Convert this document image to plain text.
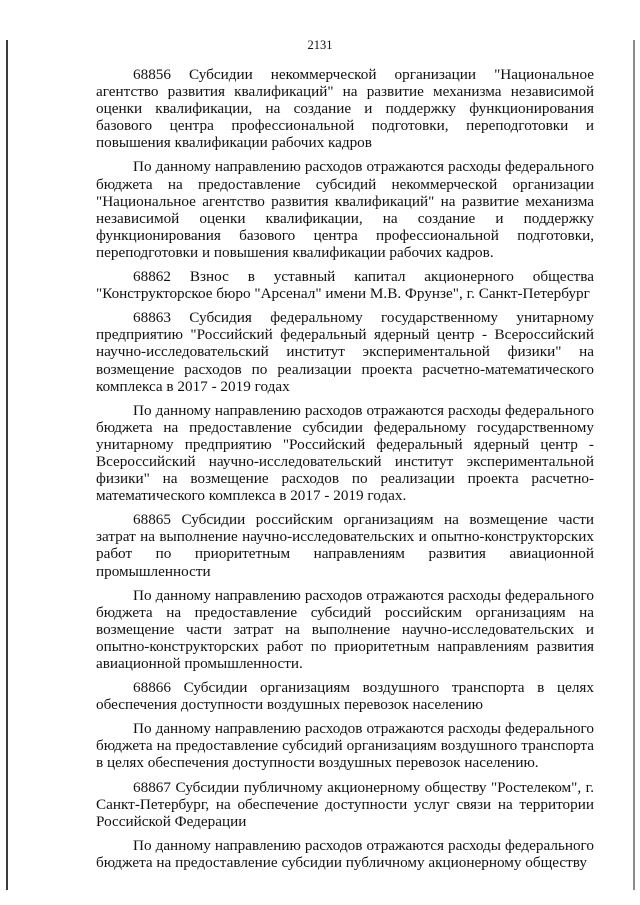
2131

68856 Субсидии некоммерческой организации "Национальное агентство развития квалификаций" на развитие механизма независимой оценки квалификации, на создание и поддержку функционирования базового центра профессиональной подготовки, переподготовки и повышения квалификации рабочих кадров

По данному направлению расходов отражаются расходы федерального бюджета на предоставление субсидий некоммерческой организации "Национальное агентство развития квалификаций" на развитие механизма независимой оценки квалификации, на создание и поддержку функционирования базового центра профессиональной подготовки, переподготовки и повышения квалификации рабочих кадров.

68862 Взнос в уставный капитал акционерного общества "Конструкторское бюро "Арсенал" имени М.В. Фрунзе", г. Санкт-Петербург

68863 Субсидия федеральному государственному унитарному предприятию "Российский федеральный ядерный центр - Всероссийский научно-исследовательский институт экспериментальной физики" на возмещение расходов по реализации проекта расчетно-математического комплекса в 2017 - 2019 годах

По данному направлению расходов отражаются расходы федерального бюджета на предоставление субсидии федеральному государственному унитарному предприятию "Российский федеральный ядерный центр - Всероссийский научно-исследовательский институт экспериментальной физики" на возмещение расходов по реализации проекта расчетно-математического комплекса в 2017 - 2019 годах.

68865 Субсидии российским организациям на возмещение части затрат на выполнение научно-исследовательских и опытно-конструкторских работ по приоритетным направлениям развития авиационной промышленности

По данному направлению расходов отражаются расходы федерального бюджета на предоставление субсидий российским организациям на возмещение части затрат на выполнение научно-исследовательских и опытно-конструкторских работ по приоритетным направлениям развития авиационной промышленности.

68866 Субсидии организациям воздушного транспорта в целях обеспечения доступности воздушных перевозок населению

По данному направлению расходов отражаются расходы федерального бюджета на предоставление субсидий организациям воздушного транспорта в целях обеспечения доступности воздушных перевозок населению.

68867 Субсидии публичному акционерному обществу "Ростелеком", г. Санкт-Петербург, на обеспечение доступности услуг связи на территории Российской Федерации

По данному направлению расходов отражаются расходы федерального бюджета на предоставление субсидии публичному акционерному обществу
